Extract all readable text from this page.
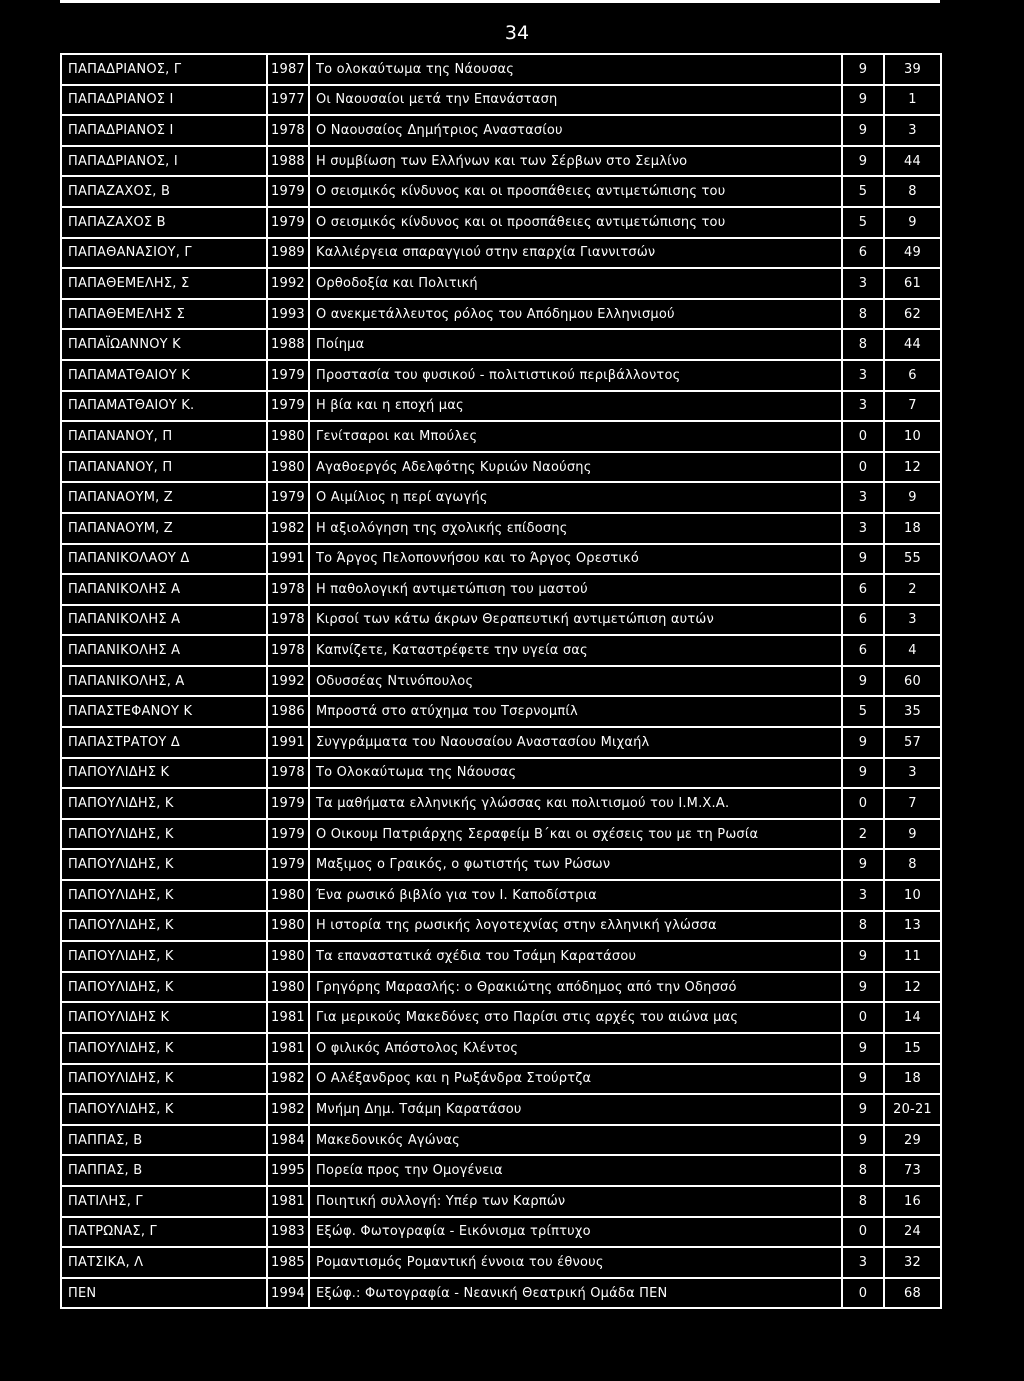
34
ΠΑΠΑΔΡΙΑΝΟΣ, Γ	1987	Το ολοκαύτωμα της Νάουσας	9	39
ΠΑΠΑΔΡΙΑΝΟΣ Ι	1977	Οι Ναουσαίοι μετά την Επανάσταση	9	1
ΠΑΠΑΔΡΙΑΝΟΣ Ι	1978	Ο Ναουσαίος Δημήτριος Αναστασίου	9	3
ΠΑΠΑΔΡΙΑΝΟΣ, Ι	1988	Η συμβίωση των Ελλήνων και των Σέρβων στο Σεμλίνο	9	44
ΠΑΠΑΖΑΧΟΣ, Β	1979	Ο σεισμικός κίνδυνος και οι προσπάθειες αντιμετώπισης του	5	8
ΠΑΠΑΖΑΧΟΣ Β	1979	Ο σεισμικός κίνδυνος και οι προσπάθειες αντιμετώπισης του	5	9
ΠΑΠΑΘΑΝΑΣΙΟΥ, Γ	1989	Καλλιέργεια σπαραγγιού στην επαρχία Γιαννιτσών	6	49
ΠΑΠΑΘΕΜΕΛΗΣ, Σ	1992	Ορθοδοξία και Πολιτική	3	61
ΠΑΠΑΘΕΜΕΛΗΣ Σ	1993	Ο ανεκμετάλλευτος ρόλος του Απόδημου Ελληνισμού	8	62
ΠΑΠΑΪΩΑΝΝΟΥ Κ	1988	Ποίημα	8	44
ΠΑΠΑΜΑΤΘΑΙΟΥ Κ	1979	Προστασία του φυσικού - πολιτιστικού περιβάλλοντος	3	6
ΠΑΠΑΜΑΤΘΑΙΟΥ Κ.	1979	Η βία και η εποχή μας	3	7
ΠΑΠΑΝΑΝΟΥ, Π	1980	Γενίτσαροι και Μπούλες	0	10
ΠΑΠΑΝΑΝΟΥ, Π	1980	Αγαθοεργός Αδελφότης Κυριών Ναούσης	0	12
ΠΑΠΑΝΑΟΥΜ, Ζ	1979	Ο Αιμίλιος η περί αγωγής	3	9
ΠΑΠΑΝΑΟΥΜ, Ζ	1982	Η αξιολόγηση της σχολικής επίδοσης	3	18
ΠΑΠΑΝΙΚΟΛΑΟΥ Δ	1991	Το Άργος Πελοποννήσου και το Άργος Ορεστικό	9	55
ΠΑΠΑΝΙΚΟΛΗΣ Α	1978	Η παθολογική αντιμετώπιση του μαστού	6	2
ΠΑΠΑΝΙΚΟΛΗΣ Α	1978	Κιρσοί των κάτω άκρων Θεραπευτική αντιμετώπιση αυτών	6	3
ΠΑΠΑΝΙΚΟΛΗΣ Α	1978	Καπνίζετε, Καταστρέφετε την υγεία σας	6	4
ΠΑΠΑΝΙΚΟΛΗΣ, Α	1992	Οδυσσέας Ντινόπουλος	9	60
ΠΑΠΑΣΤΕΦΑΝΟΥ Κ	1986	Μπροστά στο ατύχημα του Τσερνομπίλ	5	35
ΠΑΠΑΣΤΡΑΤΟΥ Δ	1991	Συγγράμματα του Ναουσαίου Αναστασίου Μιχαήλ	9	57
ΠΑΠΟΥΛΙΔΗΣ Κ	1978	Το Ολοκαύτωμα της Νάουσας	9	3
ΠΑΠΟΥΛΙΔΗΣ, Κ	1979	Τα μαθήματα ελληνικής γλώσσας και πολιτισμού του Ι.Μ.Χ.Α.	0	7
ΠΑΠΟΥΛΙΔΗΣ, Κ	1979	Ο Οικουμ Πατριάρχης Σεραφείμ Β΄και οι σχέσεις του με τη Ρωσία	2	9
ΠΑΠΟΥΛΙΔΗΣ, Κ	1979	Μαξιμος ο Γραικός, ο φωτιστής των Ρώσων	9	8
ΠΑΠΟΥΛΙΔΗΣ, Κ	1980	Ένα ρωσικό βιβλίο για τον Ι. Καποδίστρια	3	10
ΠΑΠΟΥΛΙΔΗΣ, Κ	1980	Η ιστορία της ρωσικής λογοτεχνίας στην ελληνική γλώσσα	8	13
ΠΑΠΟΥΛΙΔΗΣ, Κ	1980	Τα επαναστατικά σχέδια του Τσάμη Καρατάσου	9	11
ΠΑΠΟΥΛΙΔΗΣ, Κ	1980	Γρηγόρης Μαρασλής: ο Θρακιώτης απόδημος από την Οδησσό	9	12
ΠΑΠΟΥΛΙΔΗΣ Κ	1981	Για μερικούς Μακεδόνες στο Παρίσι στις αρχές του αιώνα μας	0	14
ΠΑΠΟΥΛΙΔΗΣ, Κ	1981	Ο φιλικός Απόστολος Κλέντος	9	15
ΠΑΠΟΥΛΙΔΗΣ, Κ	1982	Ο Αλέξανδρος και η Ρωξάνδρα Στούρτζα	9	18
ΠΑΠΟΥΛΙΔΗΣ, Κ	1982	Μνήμη Δημ. Τσάμη Καρατάσου	9	20-21
ΠΑΠΠΑΣ, Β	1984	Μακεδονικός Αγώνας	9	29
ΠΑΠΠΑΣ, Β	1995	Πορεία προς την Ομογένεια	8	73
ΠΑΤΙΛΗΣ, Γ	1981	Ποιητική συλλογή: Υπέρ των Καρπών	8	16
ΠΑΤΡΩΝΑΣ, Γ	1983	Εξώφ. Φωτογραφία - Εικόνισμα τρίπτυχο	0	24
ΠΑΤΣΙΚΑ, Λ	1985	Ρομαντισμός Ρομαντική έννοια του έθνους	3	32
ΠΕΝ	1994	Εξώφ.: Φωτογραφία - Νεανική Θεατρική Ομάδα ΠΕΝ	0	68
